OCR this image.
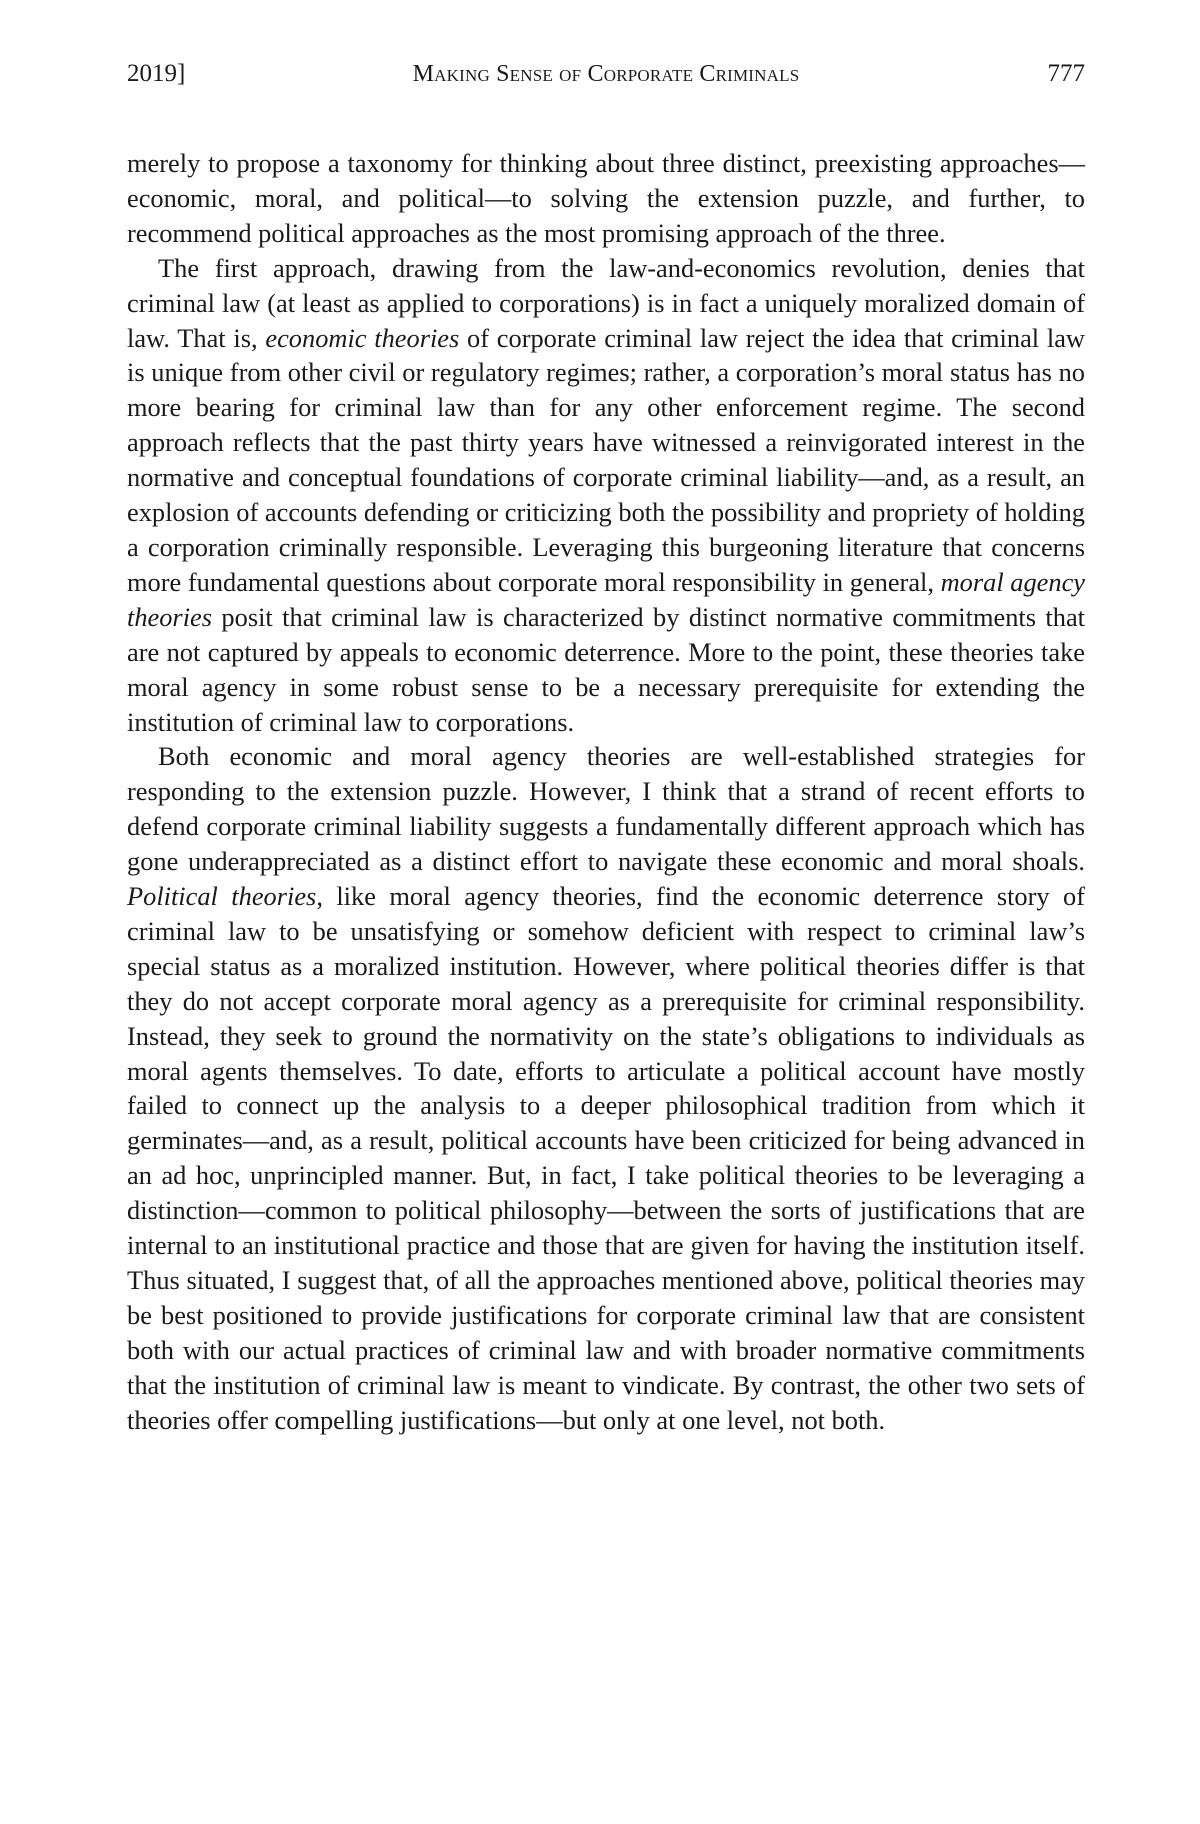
2019]	Making Sense of Corporate Criminals	777

merely to propose a taxonomy for thinking about three distinct, preexisting approaches—economic, moral, and political—to solving the extension puzzle, and further, to recommend political approaches as the most promising approach of the three.

The first approach, drawing from the law-and-economics revolution, denies that criminal law (at least as applied to corporations) is in fact a uniquely moralized domain of law. That is, economic theories of corporate criminal law reject the idea that criminal law is unique from other civil or regulatory regimes; rather, a corporation’s moral status has no more bearing for criminal law than for any other enforcement regime. The second approach reflects that the past thirty years have witnessed a reinvigorated interest in the normative and conceptual foundations of corporate criminal liability—and, as a result, an explosion of accounts defending or criticizing both the possibility and propriety of holding a corporation criminally responsible. Leveraging this burgeoning literature that concerns more fundamental questions about corporate moral responsibility in general, moral agency theories posit that criminal law is characterized by distinct normative commitments that are not captured by appeals to economic deterrence. More to the point, these theories take moral agency in some robust sense to be a necessary prerequisite for extending the institution of criminal law to corporations.

Both economic and moral agency theories are well-established strategies for responding to the extension puzzle. However, I think that a strand of recent efforts to defend corporate criminal liability suggests a fundamentally different approach which has gone underappreciated as a distinct effort to navigate these economic and moral shoals. Political theories, like moral agency theories, find the economic deterrence story of criminal law to be unsatisfying or somehow deficient with respect to criminal law’s special status as a moralized institution. However, where political theories differ is that they do not accept corporate moral agency as a prerequisite for criminal responsibility. Instead, they seek to ground the normativity on the state’s obligations to individuals as moral agents themselves. To date, efforts to articulate a political account have mostly failed to connect up the analysis to a deeper philosophical tradition from which it germinates—and, as a result, political accounts have been criticized for being advanced in an ad hoc, unprincipled manner. But, in fact, I take political theories to be leveraging a distinction—common to political philosophy—between the sorts of justifications that are internal to an institutional practice and those that are given for having the institution itself. Thus situated, I suggest that, of all the approaches mentioned above, political theories may be best positioned to provide justifications for corporate criminal law that are consistent both with our actual practices of criminal law and with broader normative commitments that the institution of criminal law is meant to vindicate. By contrast, the other two sets of theories offer compelling justifications—but only at one level, not both.
